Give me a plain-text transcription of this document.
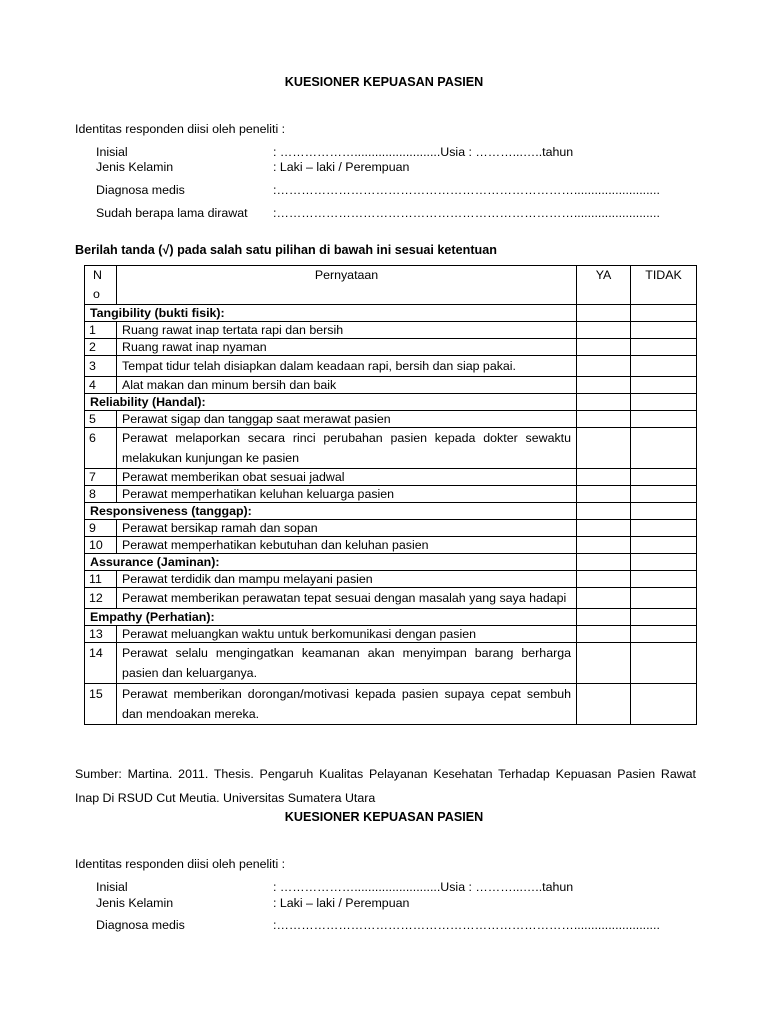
KUESIONER KEPUASAN PASIEN
Identitas responden diisi oleh peneliti :
Inisial	: ……………….........................Usia : ………...…..tahun
Jenis Kelamin	: Laki – laki / Perempuan
Diagnosa medis	:……………………………………………………………….........................
Sudah berapa lama dirawat :……………………………………………………………….........................
Berilah tanda (√) pada salah satu pilihan di bawah ini sesuai ketentuan
N
o	Pernyataan	YA	TIDAK
Tangibility (bukti fisik):			
1	Ruang rawat inap tertata rapi dan bersih		
2	Ruang rawat inap nyaman		
3	Tempat tidur telah disiapkan dalam keadaan rapi, bersih dan siap pakai.		
4	Alat makan dan minum bersih dan baik		
Reliability (Handal):			
5	Perawat sigap dan tanggap saat merawat pasien		
6	Perawat melaporkan secara rinci perubahan pasien kepada dokter sewaktu melakukan kunjungan ke pasien		
7	Perawat memberikan obat sesuai jadwal		
8	Perawat memperhatikan keluhan keluarga pasien		
Responsiveness (tanggap):			
9	Perawat bersikap ramah dan sopan		
10	Perawat memperhatikan kebutuhan dan keluhan pasien		
Assurance (Jaminan):			
11	Perawat terdidik dan mampu melayani pasien		
12	Perawat memberikan perawatan tepat sesuai dengan masalah yang saya hadapi		
Empathy (Perhatian):			
13	Perawat meluangkan waktu untuk berkomunikasi dengan pasien		
14	Perawat selalu mengingatkan keamanan akan menyimpan barang berharga pasien dan keluarganya.		
15	Perawat memberikan dorongan/motivasi kepada pasien supaya cepat sembuh dan mendoakan mereka.		
Sumber: Martina. 2011. Thesis. Pengaruh Kualitas Pelayanan Kesehatan Terhadap Kepuasan Pasien Rawat Inap Di RSUD Cut Meutia. Universitas Sumatera Utara
KUESIONER KEPUASAN PASIEN
Identitas responden diisi oleh peneliti :
Inisial	: ……………….........................Usia : ………...…..tahun
Jenis Kelamin	: Laki – laki / Perempuan
Diagnosa medis	:……………………………………………………………….........................
